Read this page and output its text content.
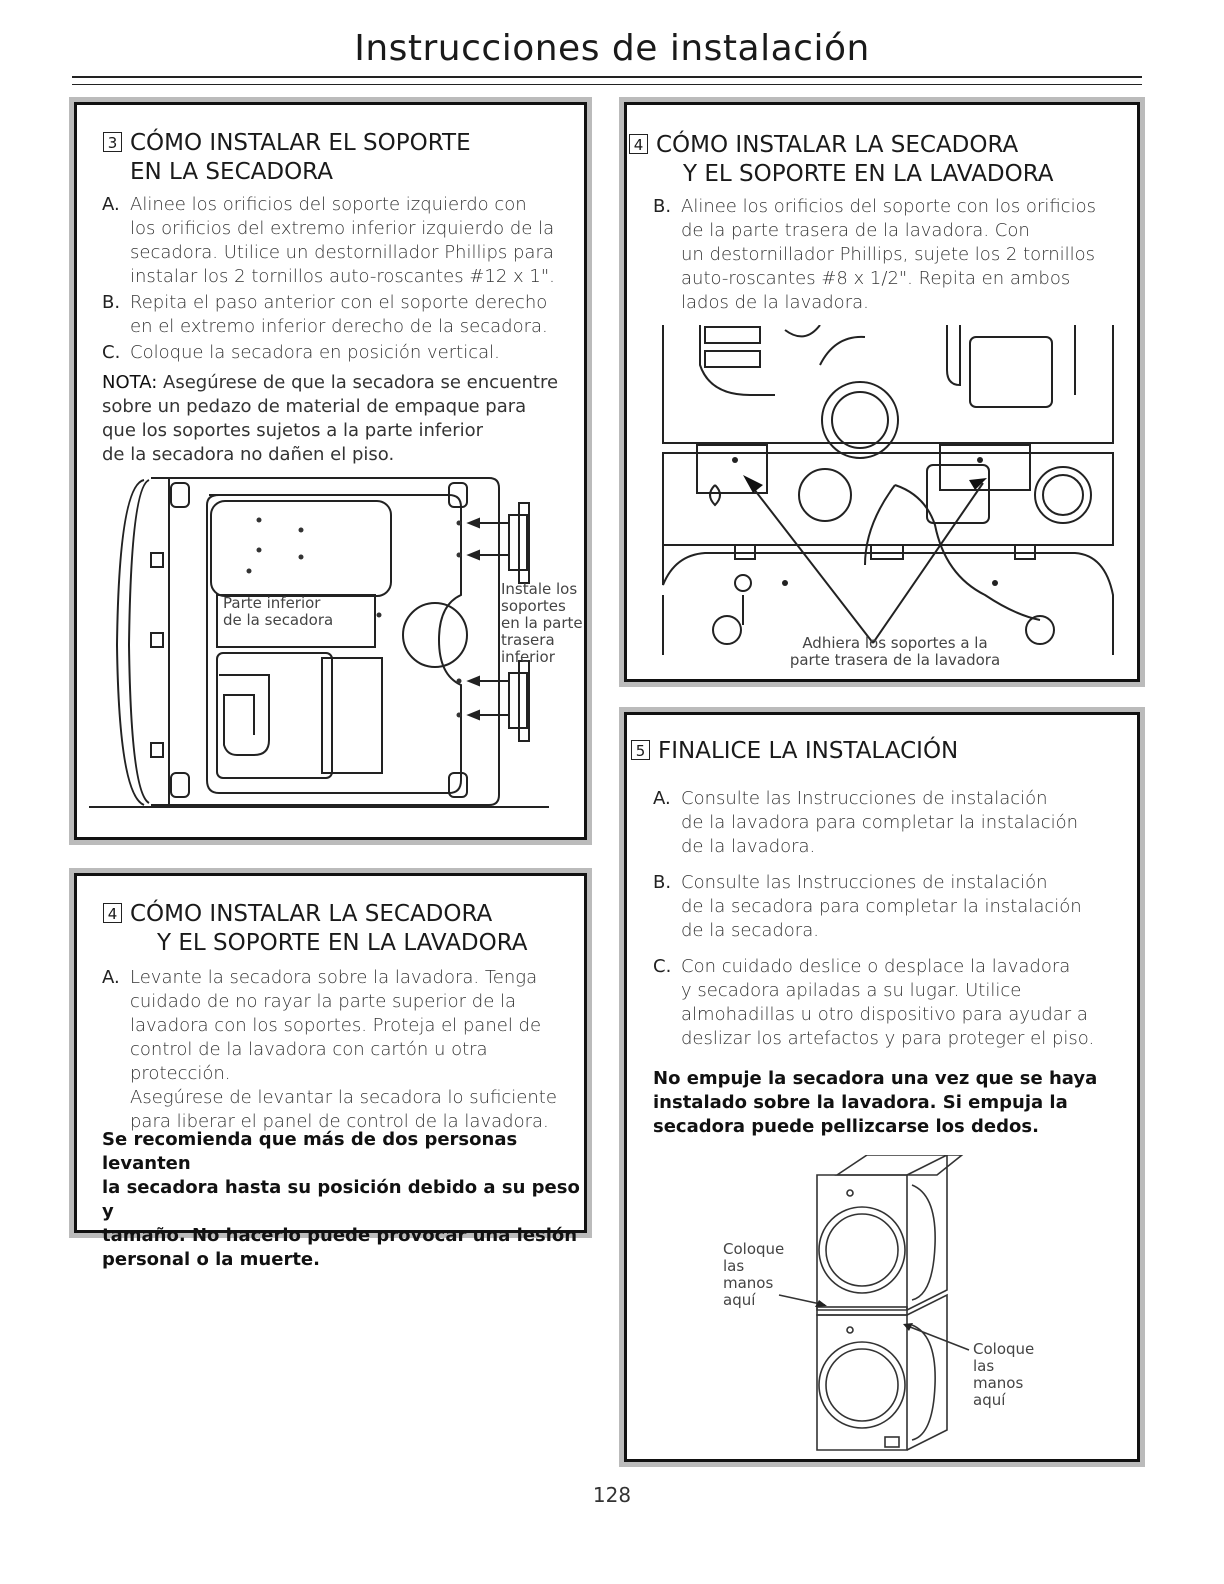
Instrucciones de instalación
3 CÓMO INSTALAR EL SOPORTE
EN LA SECADORA
A. Alinee los orificios del soporte izquierdo con
los orificios del extremo inferior izquierdo de la
secadora. Utilice un destornillador Phillips para
instalar los 2 tornillos auto-roscantes #12 x 1".
B. Repita el paso anterior con el soporte derecho
en el extremo inferior derecho de la secadora.
C. Coloque la secadora en posición vertical.
NOTA: Asegúrese de que la secadora se encuentre
sobre un pedazo de material de empaque para
que los soportes sujetos a la parte inferior
de la secadora no dañen el piso.
Parte inferior
de la secadora
Instale los
soportes
en la parte
trasera
inferior
4 CÓMO INSTALAR LA SECADORA
Y EL SOPORTE EN LA LAVADORA
A. Levante la secadora sobre la lavadora. Tenga
cuidado de no rayar la parte superior de la
lavadora con los soportes. Proteja el panel de
control de la lavadora con cartón u otra protección.
Asegúrese de levantar la secadora lo suficiente
para liberar el panel de control de la lavadora.
Se recomienda que más de dos personas levanten
la secadora hasta su posición debido a su peso y
tamaño. No hacerlo puede provocar una lesión
personal o la muerte.
4 CÓMO INSTALAR LA SECADORA
Y EL SOPORTE EN LA LAVADORA
B. Alinee los orificios del soporte con los orificios
de la parte trasera de la lavadora. Con
un destornillador Phillips, sujete los 2 tornillos
auto-roscantes #8 x 1/2". Repita en ambos
lados de la lavadora.
Adhiera los soportes a la
parte trasera de la lavadora
5 FINALICE LA INSTALACIÓN
A. Consulte las Instrucciones de instalación
de la lavadora para completar la instalación
de la lavadora.
B. Consulte las Instrucciones de instalación
de la secadora para completar la instalación
de la secadora.
C. Con cuidado deslice o desplace la lavadora
y secadora apiladas a su lugar. Utilice
almohadillas u otro dispositivo para ayudar a
deslizar los artefactos y para proteger el piso.
No empuje la secadora una vez que se haya
instalado sobre la lavadora. Si empuja la
secadora puede pellizcarse los dedos.
Coloque
las
manos
aquí
Coloque
las
manos
aquí
128
